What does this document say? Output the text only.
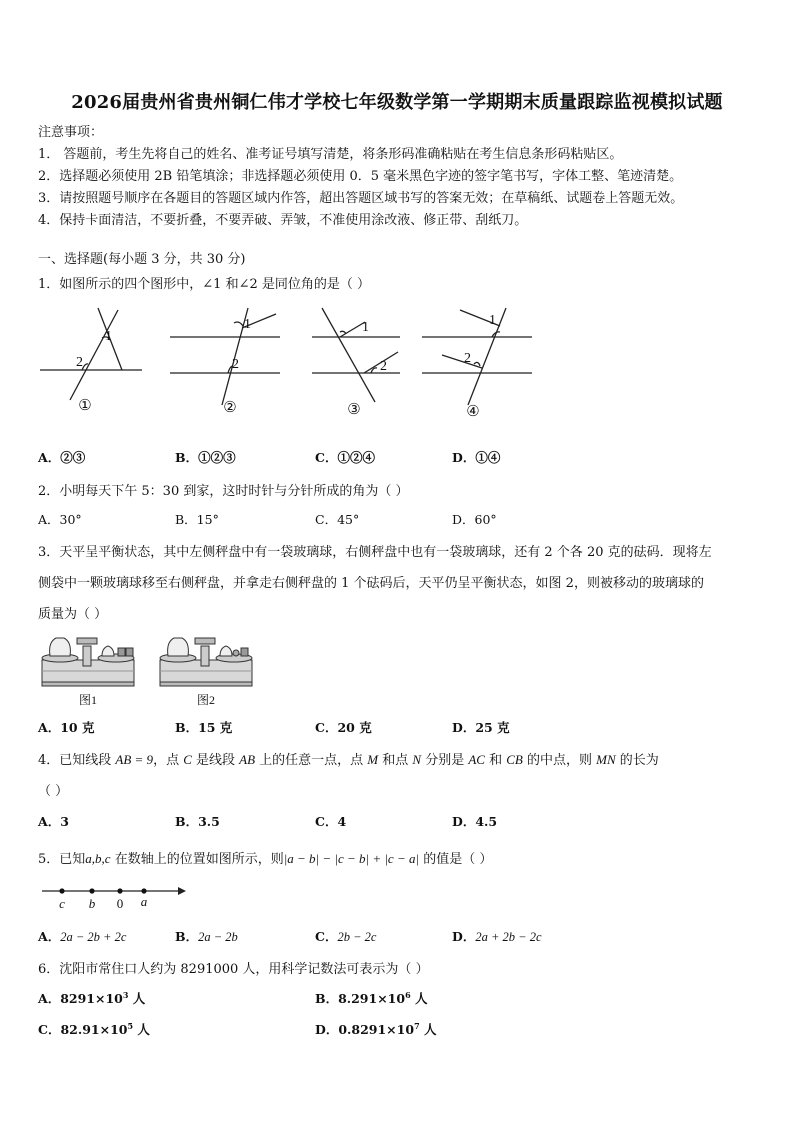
2026届贵州省贵州铜仁伟才学校七年级数学第一学期期末质量跟踪监视模拟试题
注意事项：
1． 答题前，考生先将自己的姓名、准考证号填写清楚，将条形码准确粘贴在考生信息条形码粘贴区。
2．选择题必须使用 2B 铅笔填涂；非选择题必须使用 0．5 毫米黑色字迹的签字笔书写，字体工整、笔迹清楚。
3．请按照题号顺序在各题目的答题区域内作答，超出答题区域书写的答案无效；在草稿纸、试题卷上答题无效。
4．保持卡面清洁，不要折叠，不要弄破、弄皱，不准使用涂改液、修正带、刮纸刀。
一、选择题(每小题 3 分，共 30 分)
1．如图所示的四个图形中，∠1 和∠2 是同位角的是（ ）
1
2
1
2
1
2
1
2
①	②	③	④
A．②③	B．①②③	C．①②④	D．①④
2．小明每天下午 5：30 到家，这时时针与分针所成的角为（ ）
A．30°	B．15°	C．45°	D．60°
3．天平呈平衡状态，其中左侧秤盘中有一袋玻璃球，右侧秤盘中也有一袋玻璃球，还有 2 个各 20 克的砝码．现将左
侧袋中一颗玻璃球移至右侧秤盘，并拿走右侧秤盘的 1 个砝码后，天平仍呈平衡状态，如图 2，则被移动的玻璃球的
质量为（ ）
图1	图2
A．10 克	B．15 克	C．20 克	D．25 克
4．已知线段 AB = 9，点 C 是线段 AB 上的任意一点，点 M 和点 N 分别是 AC 和 CB 的中点，则 MN 的长为
（ ）
A．3	B．3.5	C．4	D．4.5
5．已知a,b,c 在数轴上的位置如图所示，则|a − b| − |c − b| + |c − a| 的值是（ ）
c b 0 a
A．2a − 2b + 2c	B．2a − 2b	C．2b − 2c	D．2a + 2b − 2c
6．沈阳市常住口人约为 8291000 人，用科学记数法可表示为（ ）
A．$8291\times 10^3$ 人	B．$8.291\times 10^6$ 人
C．$82.91\times 10^5$ 人	D．$0.8291\times 10^7$ 人
